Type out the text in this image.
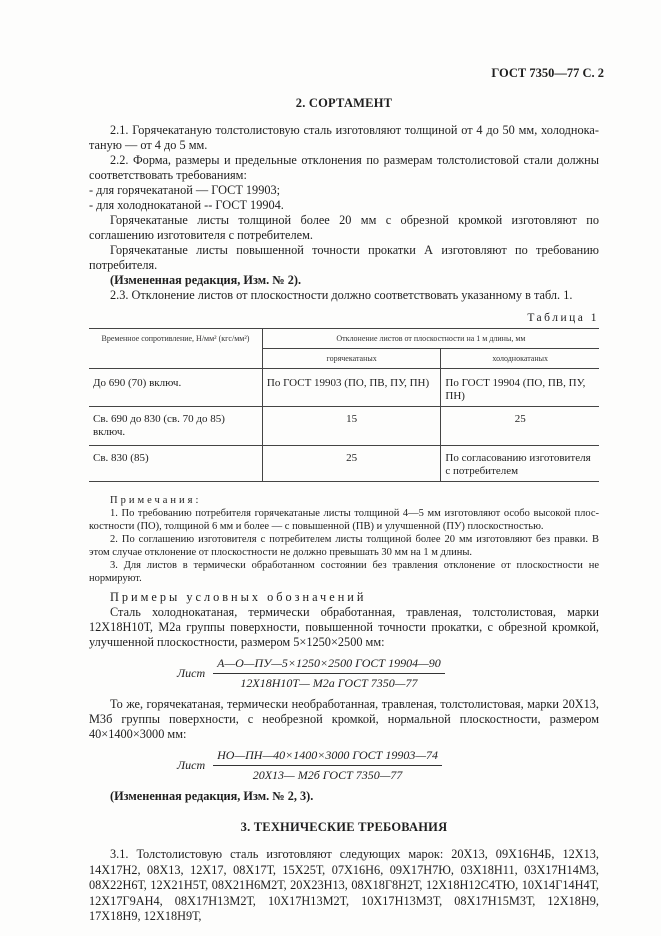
ГОСТ 7350—77 С. 2
2. СОРТАМЕНТ

2.1. Горячекатаную толстолистовую сталь изготовляют толщиной от 4 до 50 мм, холоднокатаную — от 4 до 5 мм.

2.2. Форма, размеры и предельные отклонения по размерам толстолистовой стали должны соответствовать требованиям:

- для горячекатаной — ГОСТ 19903;

- для холоднокатаной -- ГОСТ 19904.

Горячекатаные листы толщиной более 20 мм с обрезной кромкой изготовляют по соглашению изготовителя с потребителем.

Горячекатаные листы повышенной точности прокатки А изготовляют по требованию потребителя.

(Измененная редакция, Изм. № 2).

2.3. Отклонение листов от плоскостности должно соответствовать указанному в табл. 1.

Таблица 1
Временное сопротивление, Н/мм² (кгс/мм²)	Отклонение листов от плоскостности на 1 м длины, мм	
	горячекатаных	холоднокатаных
До 690 (70) включ.	По ГОСТ 19903 (ПО, ПВ, ПУ, ПН)	По ГОСТ 19904 (ПО, ПВ, ПУ, ПН)
Св. 690 до 830 (св. 70 до 85) включ.	15	25
Св. 830 (85)	25	По согласованию изготовителя с потребителем

Примечания:

1. По требованию потребителя горячекатаные листы толщиной 4—5 мм изготовляют особо высокой плоскостности (ПО), толщиной 6 мм и более — с повышенной (ПВ) и улучшенной (ПУ) плоскостностью.

2. По соглашению изготовителя с потребителем листы толщиной более 20 мм изготовляют без правки. В этом случае отклонение от плоскостности не должно превышать 30 мм на 1 м длины.

3. Для листов в термически обработанном состоянии без травления отклонение от плоскостности не нормируют.

Примеры условных обозначений

Сталь холоднокатаная, термически обработанная, травленая, толстолистовая, марки 12Х18Н10Т, М2а группы поверхности, повышенной точности прокатки, с обрезной кромкой, улучшенной плоскостности, размером 5×1250×2500 мм:

Лист $\frac{\text{А—О—ПУ—5×1250×2500 ГОСТ 19904—90}}{\text{12Х18Н10Т— М2а ГОСТ 7350—77}}$

То же, горячекатаная, термически необработанная, травленая, толстолистовая, марки 20Х13, М3б группы поверхности, с необрезной кромкой, нормальной плоскостности, размером 40×1400×3000 мм:

Лист $\frac{\text{НО—ПН—40×1400×3000 ГОСТ 19903—74}}{\text{20Х13— М2б ГОСТ 7350—77}}$

(Измененная редакция, Изм. № 2, 3).

3. ТЕХНИЧЕСКИЕ ТРЕБОВАНИЯ

3.1. Толстолистовую сталь изготовляют следующих марок: 20Х13, 09Х16Н4Б, 12Х13, 14Х17Н2, 08Х13, 12Х17, 08Х17Т, 15Х25Т, 07Х16Н6, 09Х17Н7Ю, 03Х18Н11, 03Х17Н14М3, 08Х22Н6Т, 12Х21Н5Т, 08Х21Н6М2Т, 20Х23Н13, 08Х18Г8Н2Т, 12Х18Н12С4ТЮ, 10Х14Г14Н4Т, 12Х17Г9АН4, 08Х17Н13М2Т, 10Х17Н13М2Т, 10Х17Н13М3Т, 08Х17Н15М3Т, 12Х18Н9, 17Х18Н9, 12Х18Н9Т,
